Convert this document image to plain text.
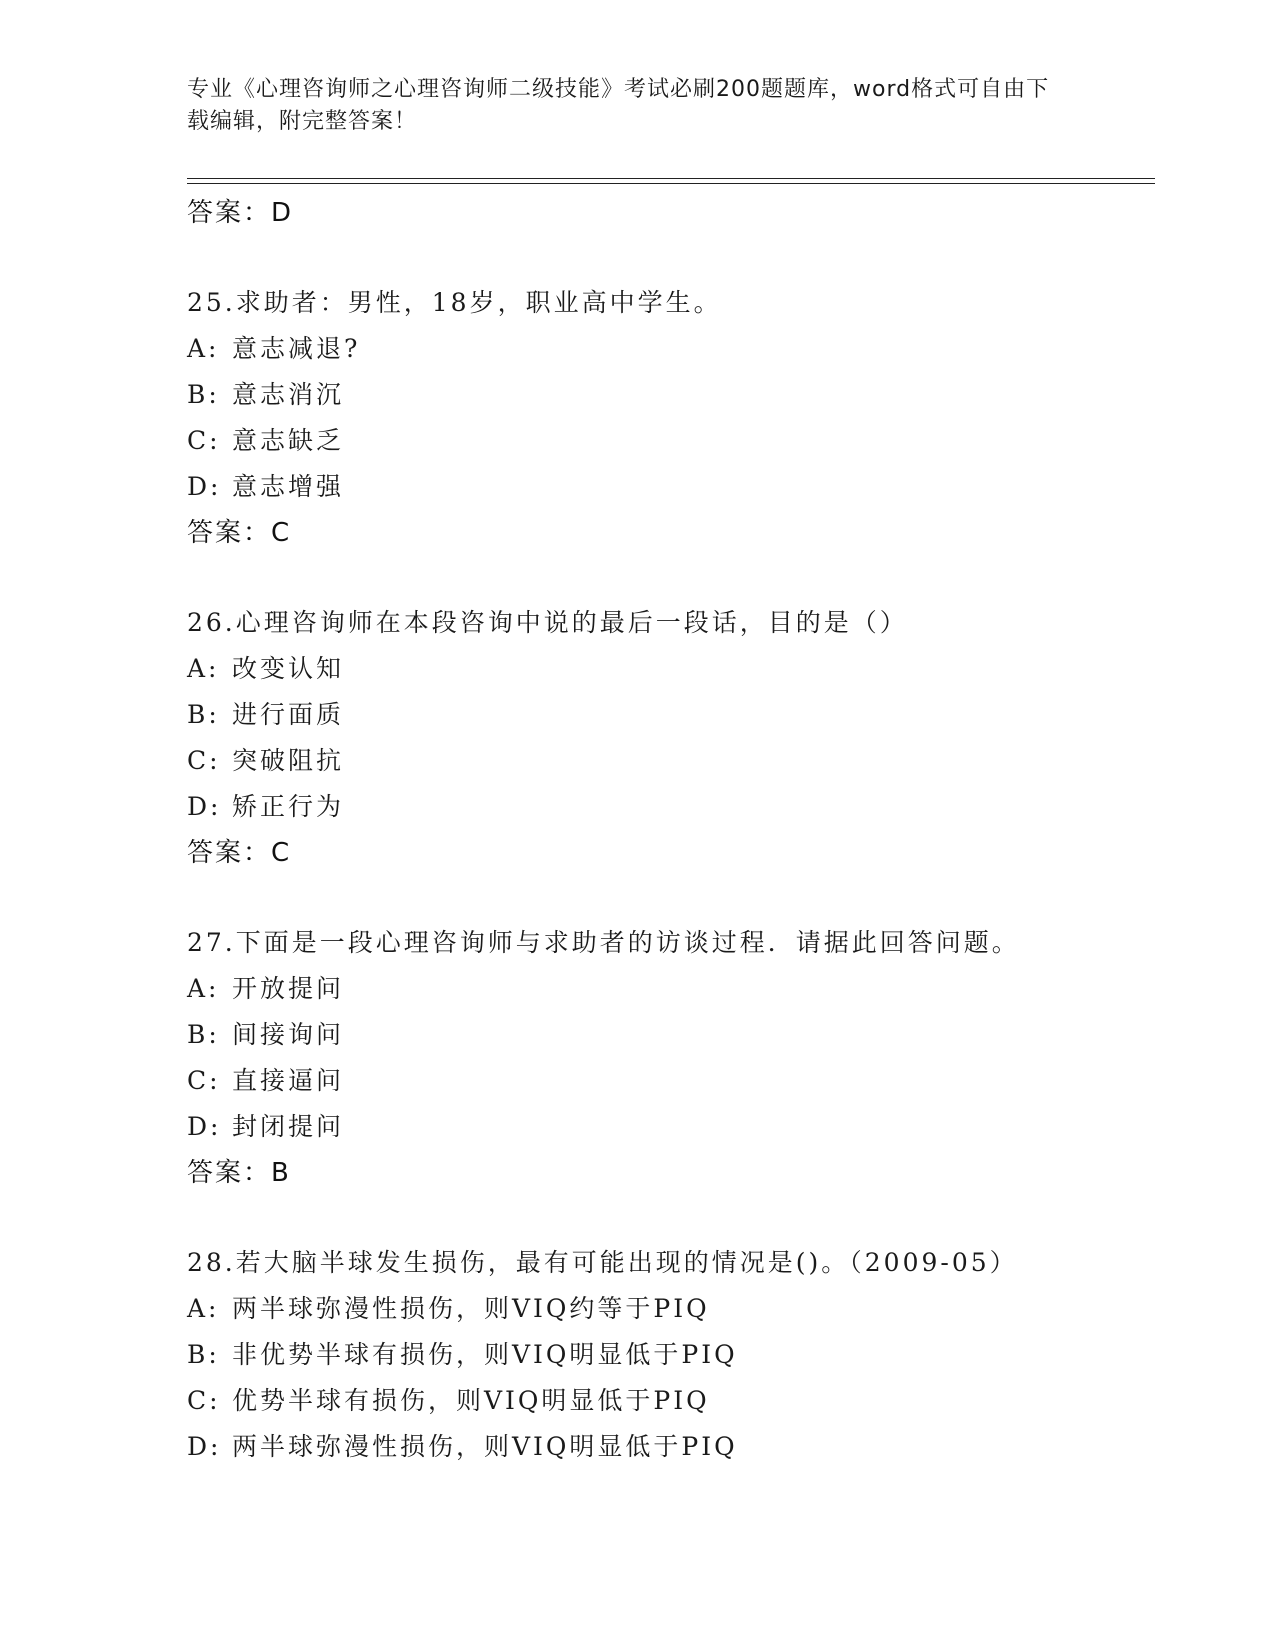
专业《心理咨询师之心理咨询师二级技能》考试必刷200题题库，word格式可自由下载编辑，附完整答案！
答案：D
25.求助者：男性，18岁，职业高中学生。
A: 意志减退?
B: 意志消沉
C: 意志缺乏
D: 意志增强
答案：C
26.心理咨询师在本段咨询中说的最后一段话，目的是（）
A: 改变认知
B: 进行面质
C: 突破阻抗
D: 矫正行为
答案：C
27.下面是一段心理咨询师与求助者的访谈过程．请据此回答问题。
A: 开放提问
B: 间接询问
C: 直接逼问
D: 封闭提问
答案：B
28.若大脑半球发生损伤，最有可能出现的情况是()。（2009-05）
A: 两半球弥漫性损伤，则VIQ约等于PIQ
B: 非优势半球有损伤，则VIQ明显低于PIQ
C: 优势半球有损伤，则VIQ明显低于PIQ
D: 两半球弥漫性损伤，则VIQ明显低于PIQ
